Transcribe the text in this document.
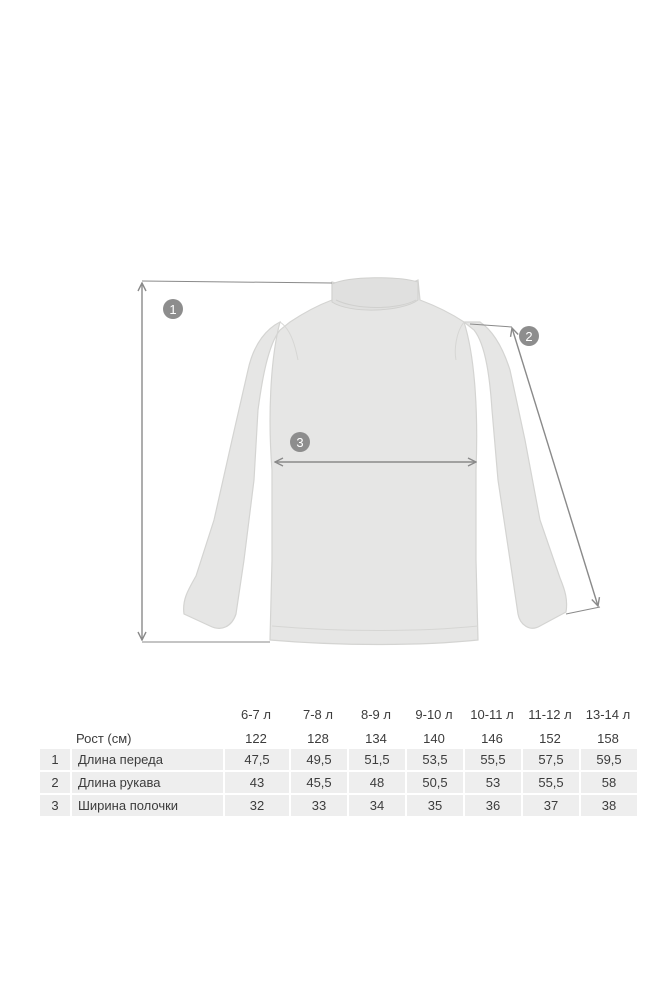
1
2
3
		6-7 л	7-8 л	8-9 л	9-10 л	10-11 л	11-12 л	13-14 л
	Рост (см)	122	128	134	140	146	152	158
1	Длина переда	47,5	49,5	51,5	53,5	55,5	57,5	59,5

2	Длина рукава	43	45,5	48	50,5	53	55,5	58

3	Ширина полочки	32	33	34	35	36	37	38
